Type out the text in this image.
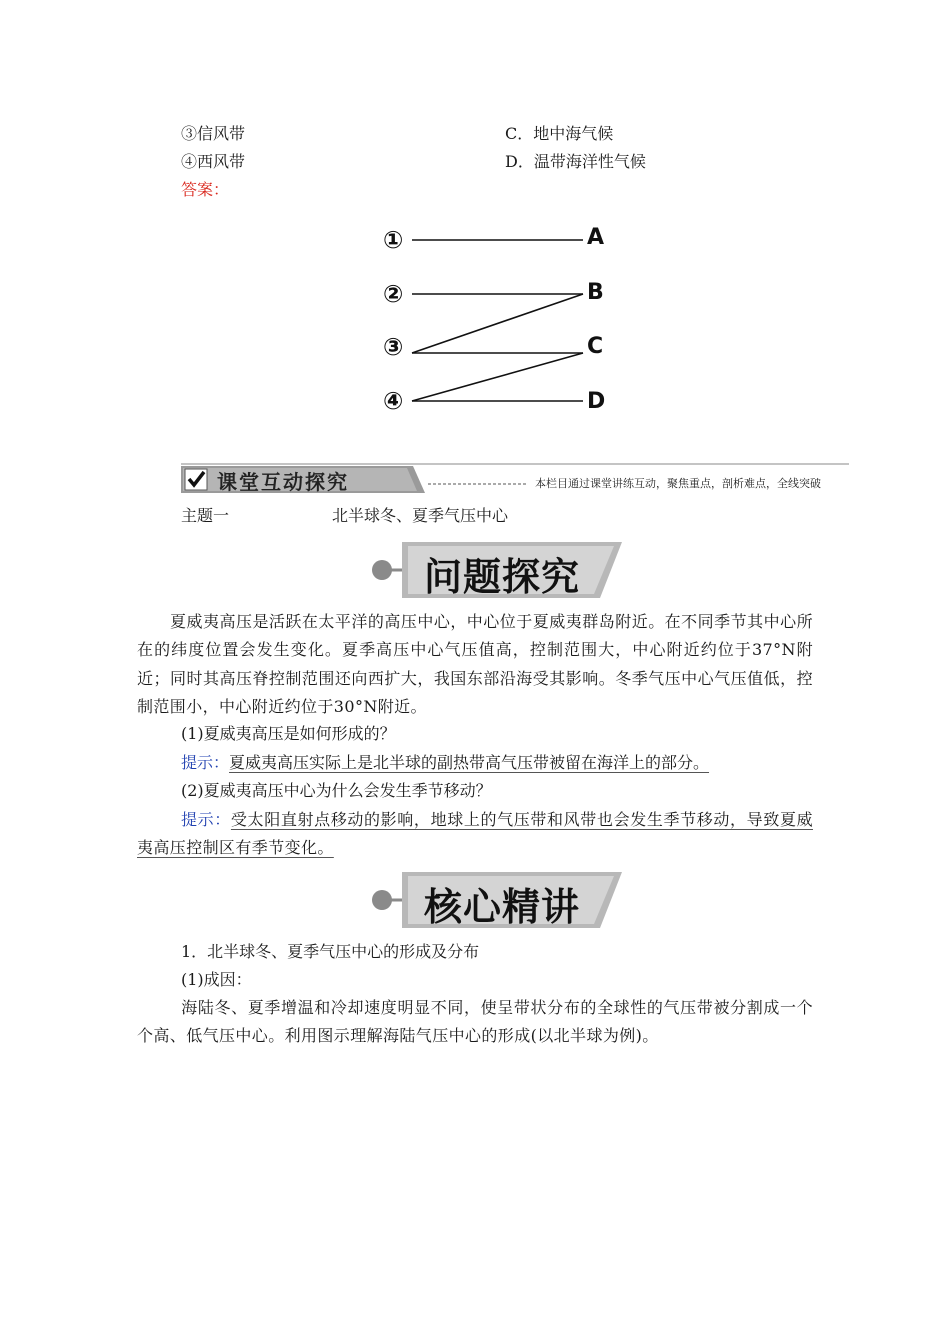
③信风带
④西风带
C．地中海气候
D．温带海洋性气候
答案：
①
②
③
④
A
B
C
D
课堂互动探究	本栏目通过课堂讲练互动，聚焦重点，剖析难点，全线突破
主题一	北半球冬、夏季气压中心
问题探究
夏威夷高压是活跃在太平洋的高压中心，中心位于夏威夷群岛附近。在不同季节其中心所在的纬度位置会发生变化。夏季高压中心气压值高，控制范围大，中心附近约位于37°N附近；同时其高压脊控制范围还向西扩大，我国东部沿海受其影响。冬季气压中心气压值低，控制范围小，中心附近约位于30°N附近。
(1)夏威夷高压是如何形成的？
提示：夏威夷高压实际上是北半球的副热带高气压带被留在海洋上的部分。
(2)夏威夷高压中心为什么会发生季节移动？
提示：受太阳直射点移动的影响，地球上的气压带和风带也会发生季节移动，导致夏威夷高压控制区有季节变化。
核心精讲
1．北半球冬、夏季气压中心的形成及分布
(1)成因：
海陆冬、夏季增温和冷却速度明显不同，使呈带状分布的全球性的气压带被分割成一个个高、低气压中心。利用图示理解海陆气压中心的形成(以北半球为例)。
